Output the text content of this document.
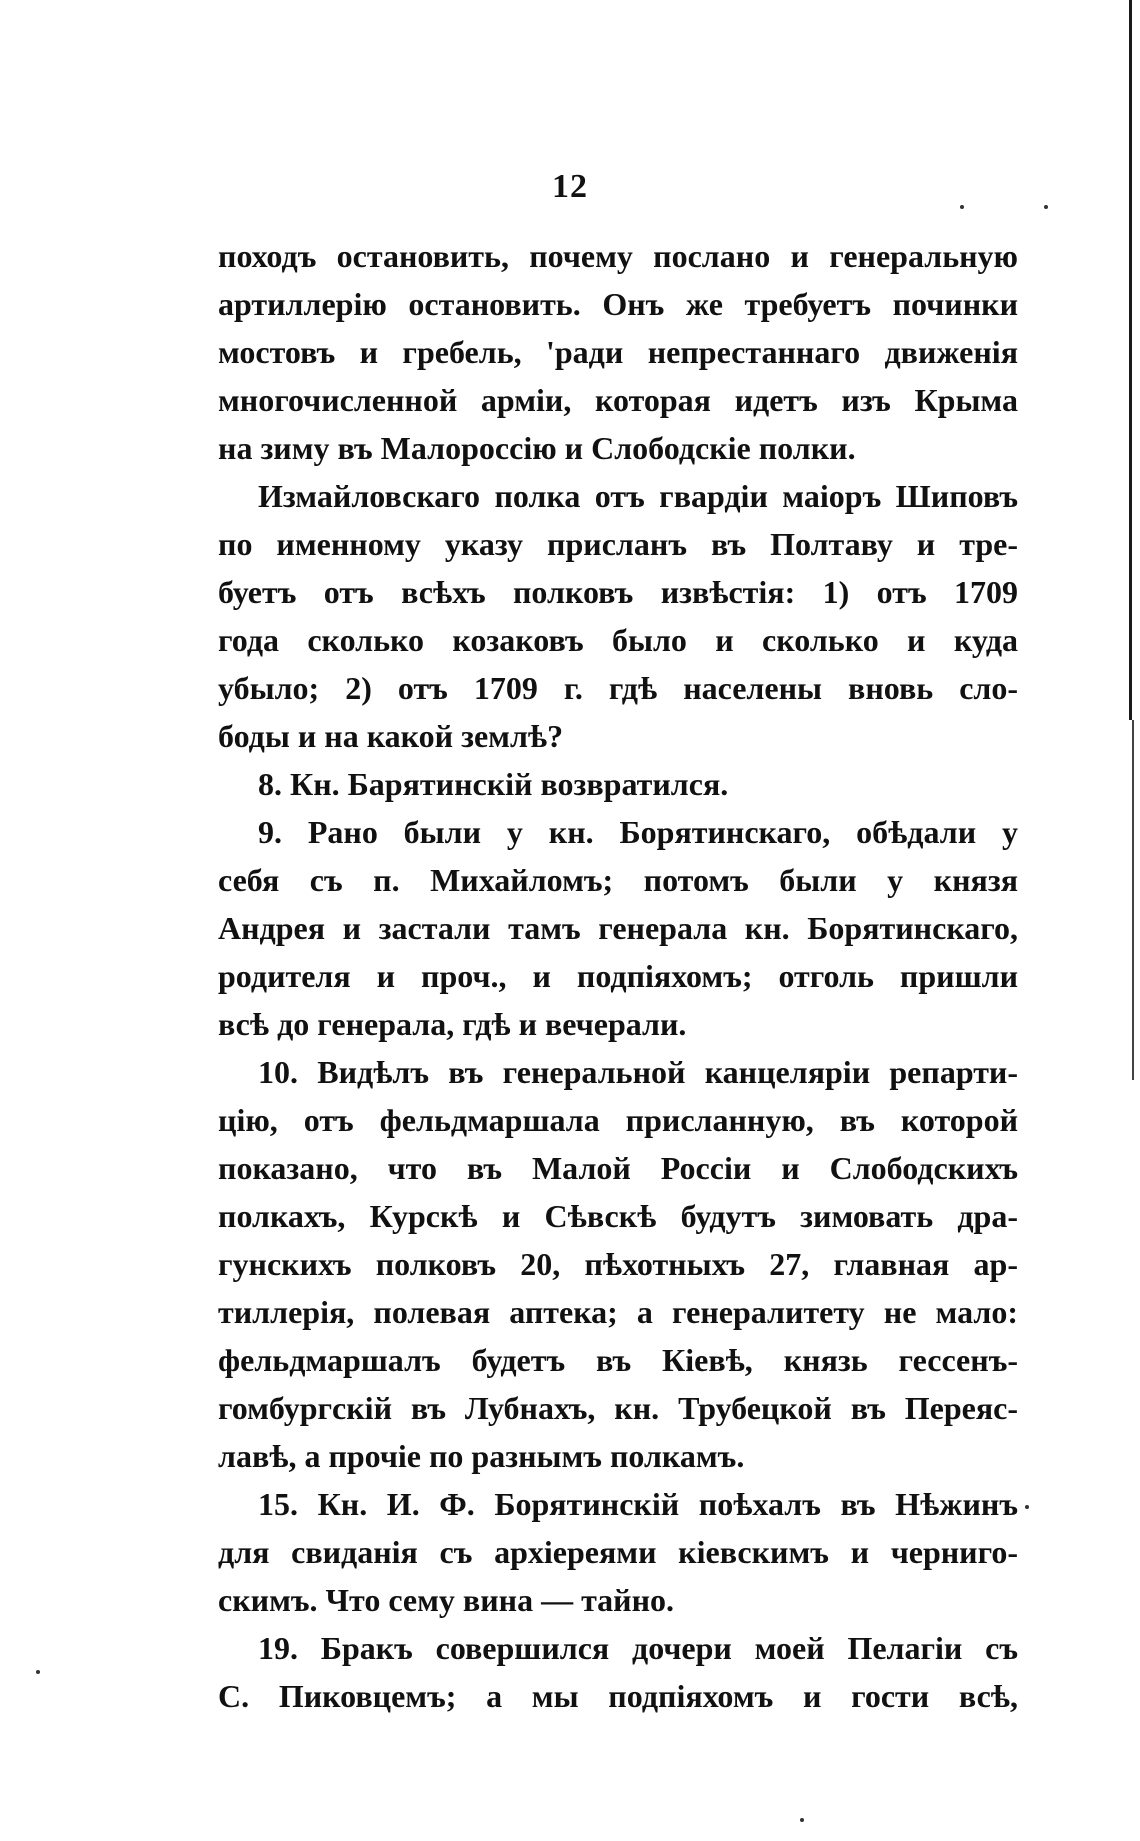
12
походъ остановить, почему послано и генеральную
артиллерію остановить. Онъ же требуетъ починки
мостовъ и гребель, 'ради непрестаннаго движенія
многочисленной арміи, которая идетъ изъ Крыма
на зиму въ Малороссію и Слободскіе полки.
Измайловскаго полка отъ гвардіи маіоръ Шиповъ
по именному указу присланъ въ Полтаву и тре-
буетъ отъ всѣхъ полковъ извѣстія: 1) отъ 1709
года сколько козаковъ было и сколько и куда
убыло; 2) отъ 1709 г. гдѣ населены вновь сло-
боды и на какой землѣ?
8. Кн. Барятинскій возвратился.
9. Рано были у кн. Борятинскаго, обѣдали у
себя съ п. Михайломъ; потомъ были у князя
Андрея и застали тамъ генерала кн. Борятинскаго,
родителя и проч., и подпіяхомъ; отголь пришли
всѣ до генерала, гдѣ и вечерали.
10. Видѣлъ въ генеральной канцеляріи репарти-
цію, отъ фельдмаршала присланную, въ которой
показано, что въ Малой Россіи и Слободскихъ
полкахъ, Курскѣ и Сѣвскѣ будутъ зимовать дра-
гунскихъ полковъ 20, пѣхотныхъ 27, главная ар-
тиллерія, полевая аптека; а генералитету не мало:
фельдмаршалъ будетъ въ Кіевѣ, князь гессенъ-
гомбургскій въ Лубнахъ, кн. Трубецкой въ Переяс-
лавѣ, а прочіе по разнымъ полкамъ.
15. Кн. И. Ф. Борятинскій поѣхалъ въ Нѣжинъ
для свиданія съ архіереями кіевскимъ и черниго-
скимъ. Что сему вина — тайно.
19. Бракъ совершился дочери моей Пелагіи съ
С. Пиковцемъ; а мы подпіяхомъ и гости всѣ,
